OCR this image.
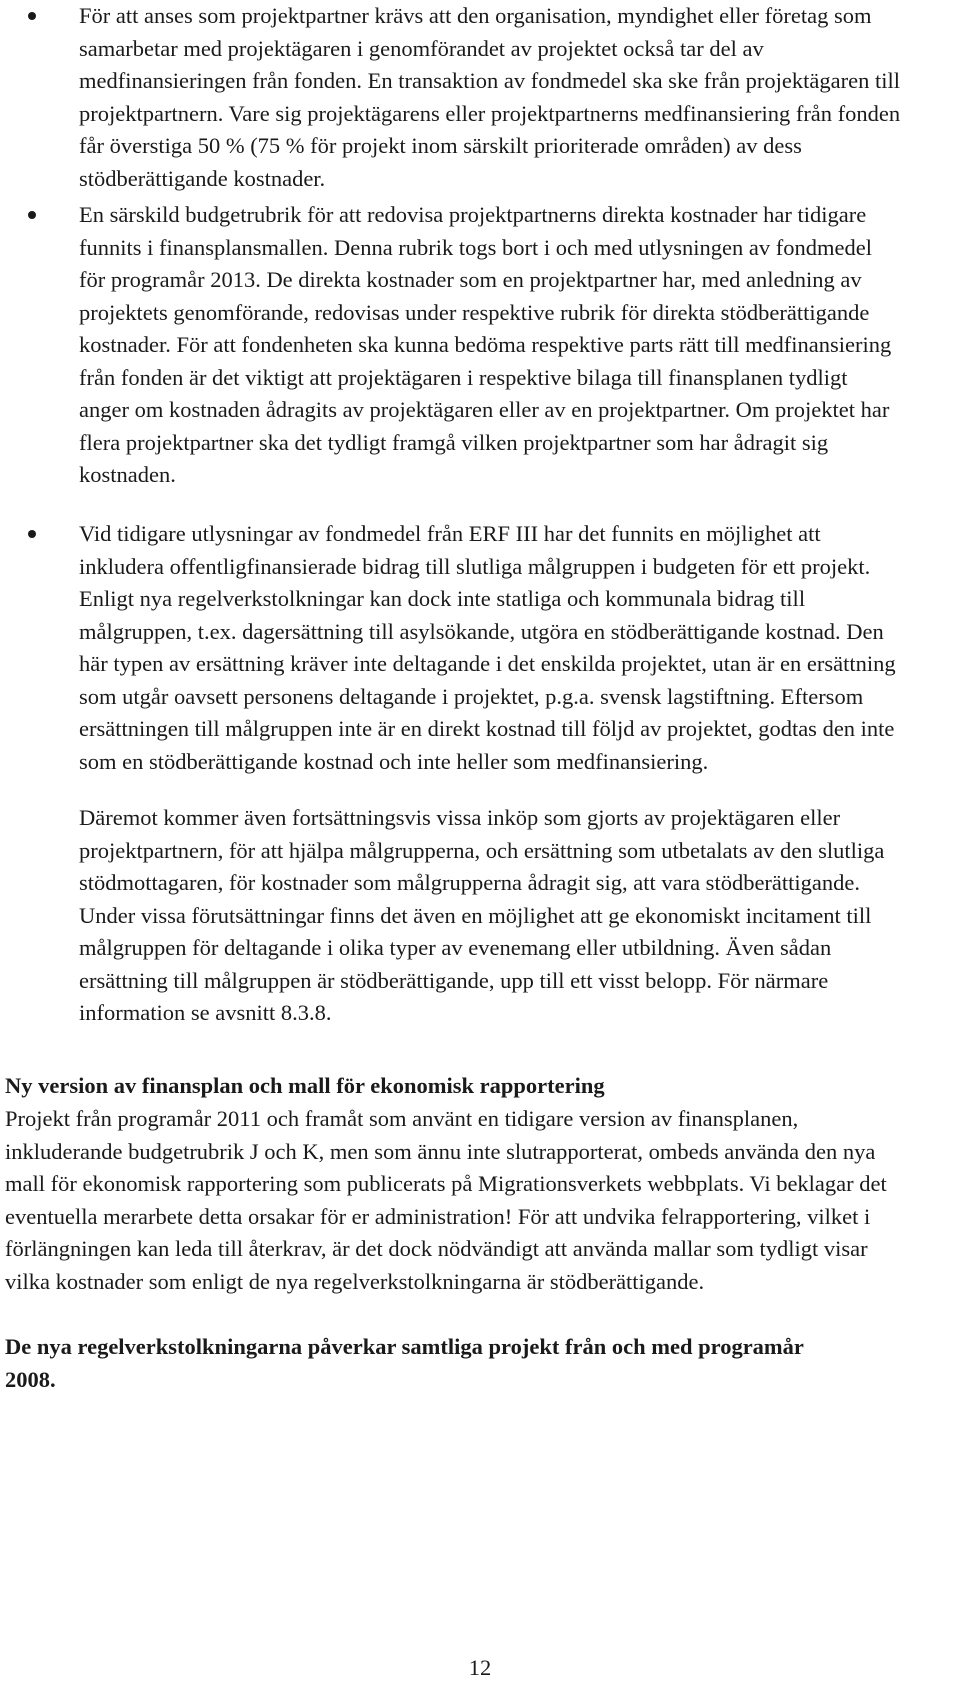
För att anses som projektpartner krävs att den organisation, myndighet eller företag som samarbetar med projektägaren i genomförandet av projektet också tar del av medfinansieringen från fonden. En transaktion av fondmedel ska ske från projektägaren till projektpartnern. Vare sig projektägarens eller projektpartnerns medfinansiering från fonden får överstiga 50 % (75 % för projekt inom särskilt prioriterade områden) av dess stödberättigande kostnader.
En särskild budgetrubrik för att redovisa projektpartnerns direkta kostnader har tidigare funnits i finansplansmallen. Denna rubrik togs bort i och med utlysningen av fondmedel för programår 2013. De direkta kostnader som en projektpartner har, med anledning av projektets genomförande, redovisas under respektive rubrik för direkta stödberättigande kostnader. För att fondenheten ska kunna bedöma respektive parts rätt till medfinansiering från fonden är det viktigt att projektägaren i respektive bilaga till finansplanen tydligt anger om kostnaden ådragits av projektägaren eller av en projektpartner. Om projektet har flera projektpartner ska det tydligt framgå vilken projektpartner som har ådragit sig kostnaden.
Vid tidigare utlysningar av fondmedel från ERF III har det funnits en möjlighet att inkludera offentligfinansierade bidrag till slutliga målgruppen i budgeten för ett projekt. Enligt nya regelverkstolkningar kan dock inte statliga och kommunala bidrag till målgruppen, t.ex. dagersättning till asylsökande, utgöra en stödberättigande kostnad. Den här typen av ersättning kräver inte deltagande i det enskilda projektet, utan är en ersättning som utgår oavsett personens deltagande i projektet, p.g.a. svensk lagstiftning. Eftersom ersättningen till målgruppen inte är en direkt kostnad till följd av projektet, godtas den inte som en stödberättigande kostnad och inte heller som medfinansiering.

Däremot kommer även fortsättningsvis vissa inköp som gjorts av projektägaren eller projektpartnern, för att hjälpa målgrupperna, och ersättning som utbetalats av den slutliga stödmottagaren, för kostnader som målgrupperna ådragit sig, att vara stödberättigande. Under vissa förutsättningar finns det även en möjlighet att ge ekonomiskt incitament till målgruppen för deltagande i olika typer av evenemang eller utbildning. Även sådan ersättning till målgruppen är stödberättigande, upp till ett visst belopp. För närmare information se avsnitt 8.3.8.

Ny version av finansplan och mall för ekonomisk rapportering

Projekt från programår 2011 och framåt som använt en tidigare version av finansplanen, inkluderande budgetrubrik J och K, men som ännu inte slutrapporterat, ombeds använda den nya mall för ekonomisk rapportering som publicerats på Migrationsverkets webbplats. Vi beklagar det eventuella merarbete detta orsakar för er administration! För att undvika felrapportering, vilket i förlängningen kan leda till återkrav, är det dock nödvändigt att använda mallar som tydligt visar vilka kostnader som enligt de nya regelverkstolkningarna är stödberättigande.

De nya regelverkstolkningarna påverkar samtliga projekt från och med programår 2008.

12
